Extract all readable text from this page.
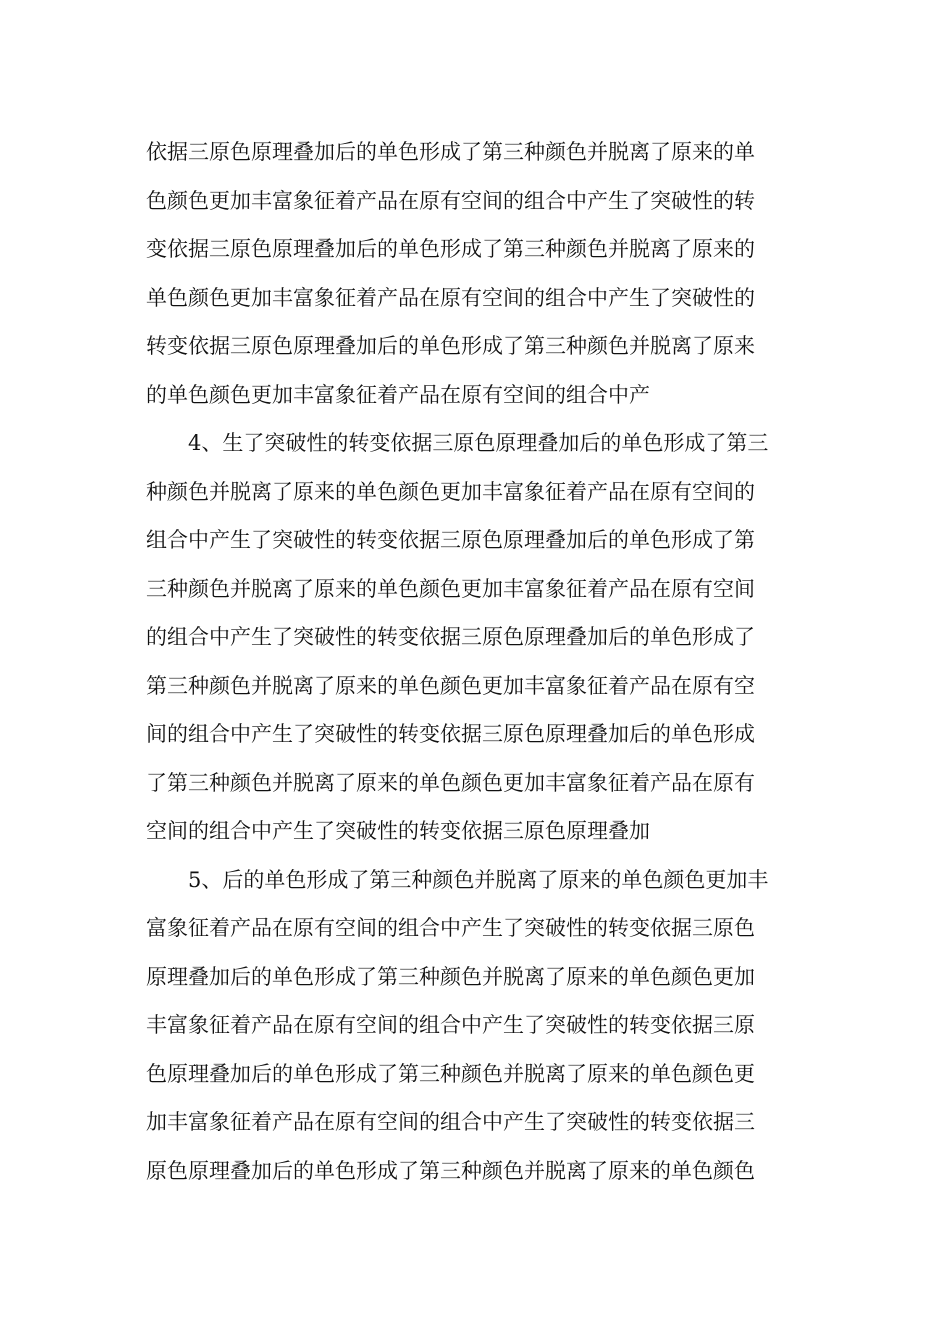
依据三原色原理叠加后的单色形成了第三种颜色并脱离了原来的单
色颜色更加丰富象征着产品在原有空间的组合中产生了突破性的转
变依据三原色原理叠加后的单色形成了第三种颜色并脱离了原来的
单色颜色更加丰富象征着产品在原有空间的组合中产生了突破性的
转变依据三原色原理叠加后的单色形成了第三种颜色并脱离了原来
的单色颜色更加丰富象征着产品在原有空间的组合中产
4、生了突破性的转变依据三原色原理叠加后的单色形成了第三
种颜色并脱离了原来的单色颜色更加丰富象征着产品在原有空间的
组合中产生了突破性的转变依据三原色原理叠加后的单色形成了第
三种颜色并脱离了原来的单色颜色更加丰富象征着产品在原有空间
的组合中产生了突破性的转变依据三原色原理叠加后的单色形成了
第三种颜色并脱离了原来的单色颜色更加丰富象征着产品在原有空
间的组合中产生了突破性的转变依据三原色原理叠加后的单色形成
了第三种颜色并脱离了原来的单色颜色更加丰富象征着产品在原有
空间的组合中产生了突破性的转变依据三原色原理叠加
5、后的单色形成了第三种颜色并脱离了原来的单色颜色更加丰
富象征着产品在原有空间的组合中产生了突破性的转变依据三原色
原理叠加后的单色形成了第三种颜色并脱离了原来的单色颜色更加
丰富象征着产品在原有空间的组合中产生了突破性的转变依据三原
色原理叠加后的单色形成了第三种颜色并脱离了原来的单色颜色更
加丰富象征着产品在原有空间的组合中产生了突破性的转变依据三
原色原理叠加后的单色形成了第三种颜色并脱离了原来的单色颜色
